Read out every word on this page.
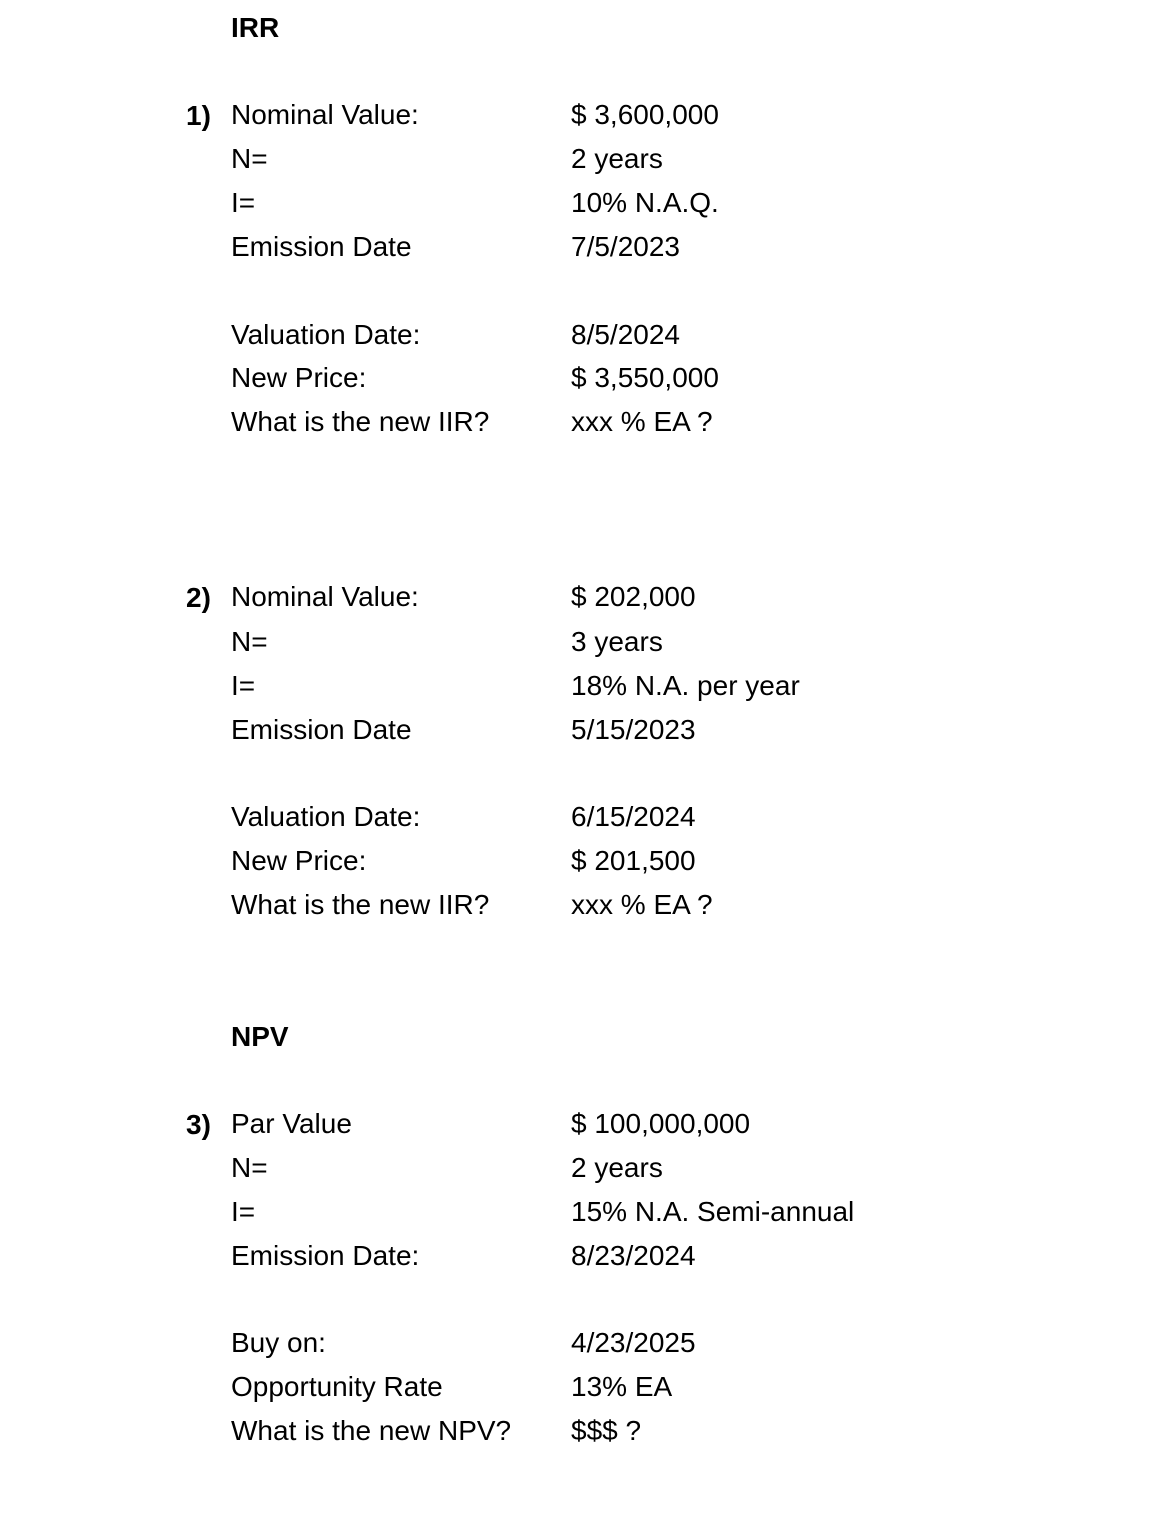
IRR
1) Nominal Value:	$ 3,600,000
N=	2 years
I=	10% N.A.Q.
Emission Date	7/5/2023
Valuation Date:	8/5/2024
New Price:	$ 3,550,000
What is the new IIR?	xxx % EA ?
2) Nominal Value:	$ 202,000
N=	3 years
I=	18% N.A. per year
Emission Date	5/15/2023
Valuation Date:	6/15/2024
New Price:	$ 201,500
What is the new IIR?	xxx % EA ?
NPV
3) Par Value	$ 100,000,000
N=	2 years
I=	15% N.A. Semi-annual
Emission Date:	8/23/2024
Buy on:	4/23/2025
Opportunity Rate	13% EA
What is the new NPV? $$$ ?
